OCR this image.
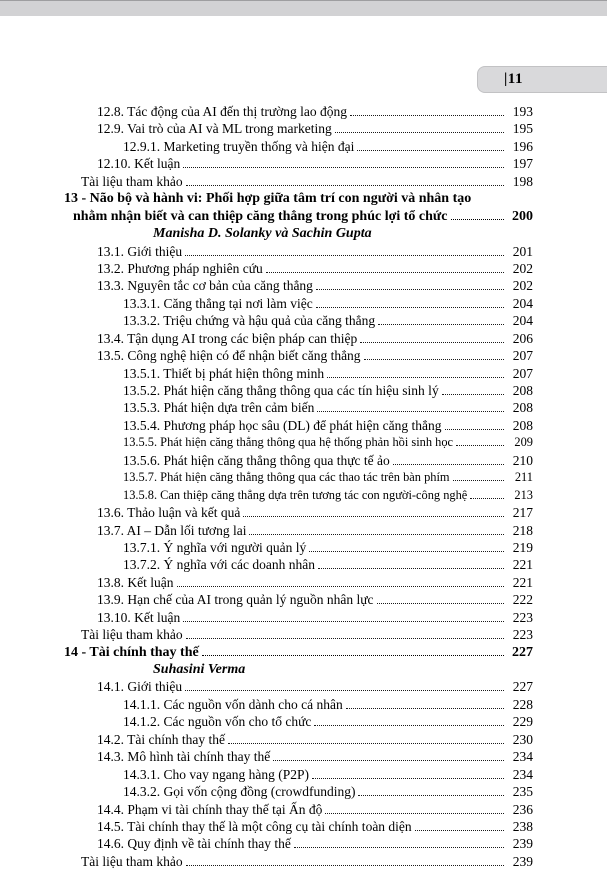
|11
12.8. Tác động của AI đến thị trường lao động	193
12.9. Vai trò của AI và ML trong marketing	195
12.9.1. Marketing truyền thống và hiện đại	196
12.10. Kết luận	197
Tài liệu tham khảo	198
13 - Não bộ và hành vi: Phối hợp giữa tâm trí con người và nhân tạo
nhằm nhận biết và can thiệp căng thẳng trong phúc lợi tổ chức	200
Manisha D. Solanky và Sachin Gupta
13.1. Giới thiệu	201
13.2. Phương pháp nghiên cứu	202
13.3. Nguyên tắc cơ bản của căng thẳng	202
13.3.1. Căng thẳng tại nơi làm việc	204
13.3.2. Triệu chứng và hậu quả của căng thẳng	204
13.4. Tận dụng AI trong các biện pháp can thiệp	206
13.5. Công nghệ hiện có để nhận biết căng thẳng	207
13.5.1. Thiết bị phát hiện thông minh	207
13.5.2. Phát hiện căng thẳng thông qua các tín hiệu sinh lý	208
13.5.3. Phát hiện dựa trên cảm biến	208
13.5.4. Phương pháp học sâu (DL) để phát hiện căng thẳng	208
13.5.5. Phát hiện căng thẳng thông qua hệ thống phản hồi sinh học	209
13.5.6. Phát hiện căng thẳng thông qua thực tế ảo	210
13.5.7. Phát hiện căng thẳng thông qua các thao tác trên bàn phím	211
13.5.8. Can thiệp căng thẳng dựa trên tương tác con người-công nghệ	213
13.6. Thảo luận và kết quả	217
13.7. AI – Dẫn lối tương lai	218
13.7.1. Ý nghĩa với người quản lý	219
13.7.2. Ý nghĩa với các doanh nhân	221
13.8. Kết luận	221
13.9. Hạn chế của AI trong quản lý nguồn nhân lực	222
13.10. Kết luận	223
Tài liệu tham khảo	223
14 - Tài chính thay thế	227
Suhasini Verma
14.1. Giới thiệu	227
14.1.1. Các nguồn vốn dành cho cá nhân	228
14.1.2. Các nguồn vốn cho tổ chức	229
14.2. Tài chính thay thế	230
14.3. Mô hình tài chính thay thế	234
14.3.1. Cho vay ngang hàng (P2P)	234
14.3.2. Gọi vốn cộng đồng (crowdfunding)	235
14.4. Phạm vi tài chính thay thế tại Ấn độ	236
14.5. Tài chính thay thế là một công cụ tài chính toàn diện	238
14.6. Quy định về tài chính thay thế	239
Tài liệu tham khảo	239
